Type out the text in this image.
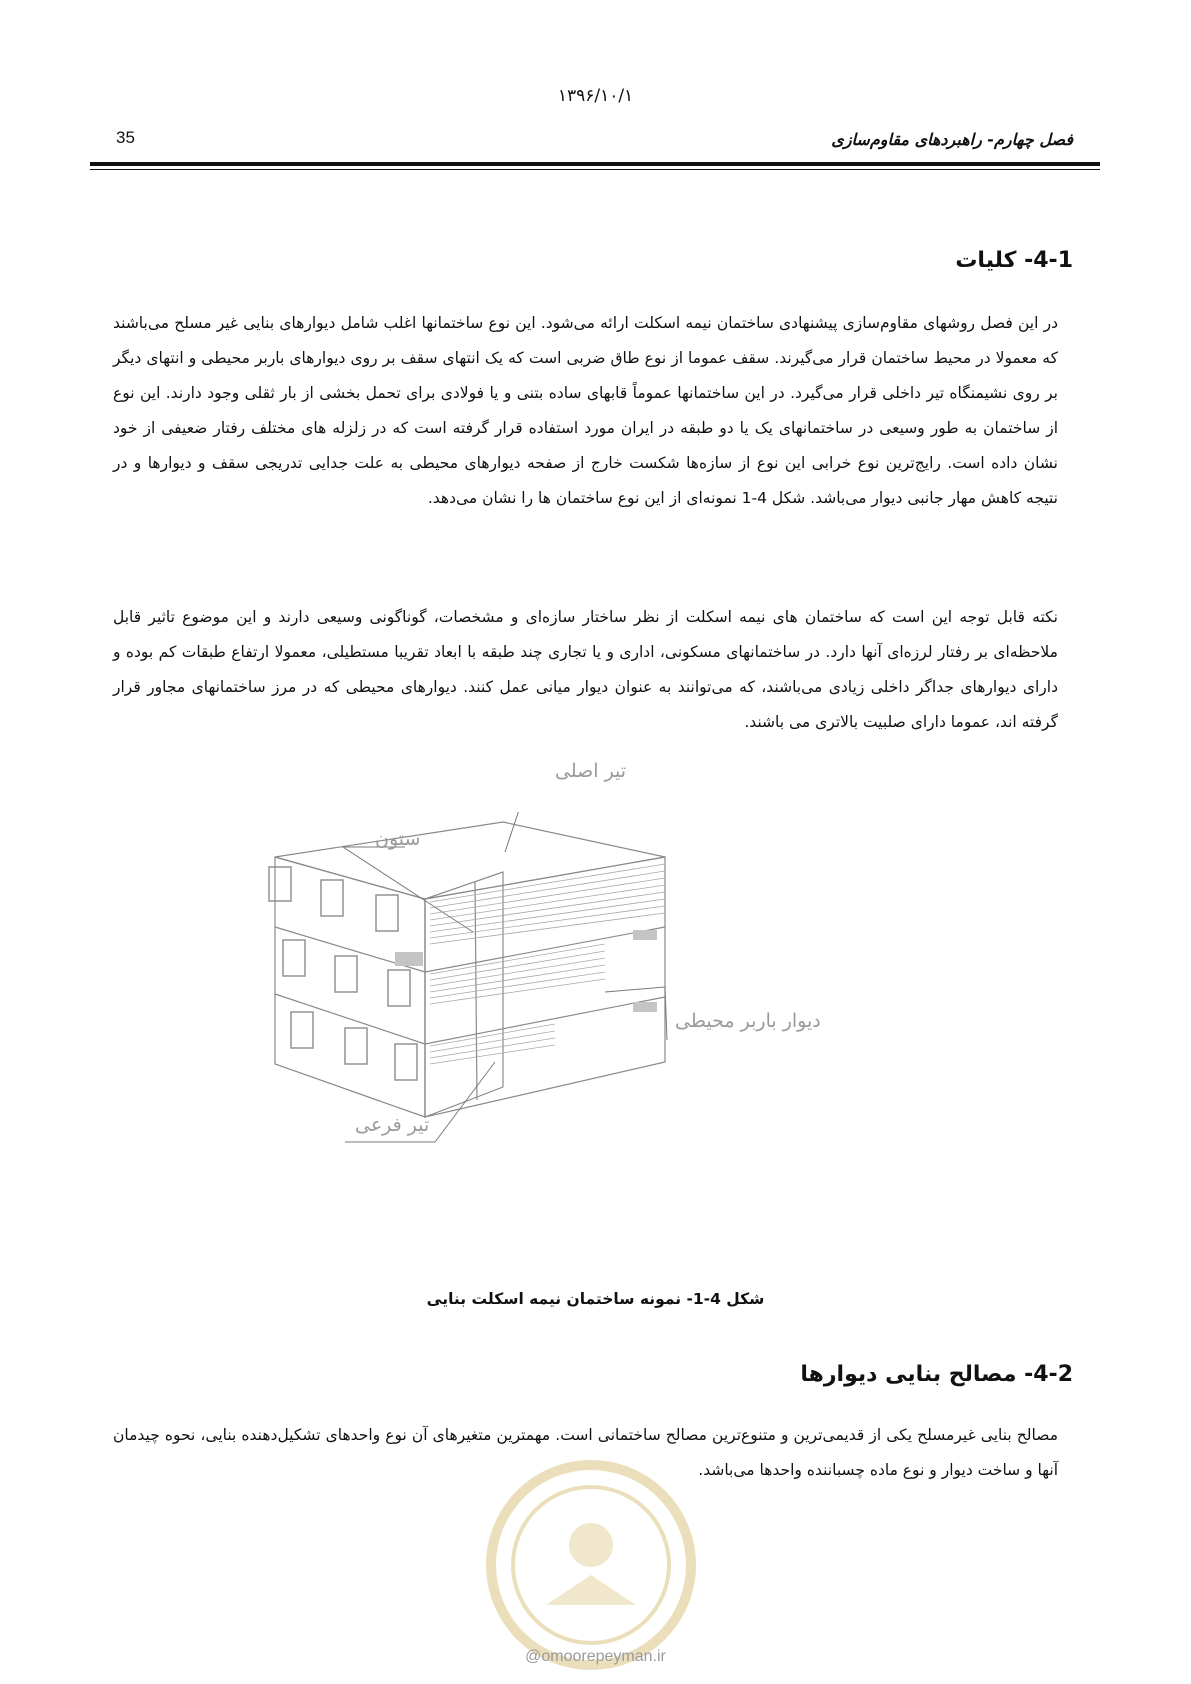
۱۳۹۶/۱۰/۱
35	فصل چهارم- راهبردهای مقاوم‌سازی
4-1- کلیات

در این فصل روشهای مقاوم‌سازی پیشنهادی ساختمان نیمه اسکلت ارائه می‌شود. این نوع ساختمانها اغلب شامل دیوارهای بنایی غیر مسلح می‌باشند که معمولا در محیط ساختمان قرار می‌گیرند. سقف عموما از نوع طاق ضربی است که یک انتهای سقف بر روی دیوارهای باربر محیطی و انتهای دیگر بر روی نشیمنگاه تیر داخلی قرار می‌گیرد. در این ساختمانها عموماً قابهای ساده بتنی و یا فولادی برای تحمل بخشی از بار ثقلی وجود دارند. این نوع از ساختمان به طور وسیعی در ساختمانهای یک یا دو طبقه در ایران مورد استفاده قرار گرفته است که در زلزله های مختلف رفتار ضعیفی از خود نشان داده است. رایج‌ترین نوع خرابی این نوع از سازه‌ها شکست خارج از صفحه دیوارهای محیطی به علت جدایی تدریجی سقف و دیوارها و در نتیجه کاهش مهار جانبی دیوار می‌باشد. شکل 4-1 نمونه‌ای از این نوع ساختمان ها را نشان می‌دهد.

نکته قابل توجه این است که ساختمان های نیمه اسکلت از نظر ساختار سازه‌ای و مشخصات، گوناگونی وسیعی دارند و این موضوع تاثیر قابل ملاحظه‌ای بر رفتار لرزه‌ای آنها دارد. در ساختمانهای مسکونی، اداری و یا تجاری چند طبقه با ابعاد تقریبا مستطیلی، معمولا ارتفاع طبقات کم بوده و دارای دیوارهای جداگر داخلی زیادی می‌باشند، که می‌توانند به عنوان دیوار میانی عمل کنند. دیوارهای محیطی که در مرز ساختمانهای مجاور قرار گرفته اند، عموما دارای صلبیت بالاتری می باشند.

تیر اصلی
ستون
دیوار باربر محیطی
تیر فرعی
شکل 4-1- نمونه ساختمان نیمه اسکلت بنایی
4-2- مصالح بنایی دیوارها

مصالح بنایی غیرمسلح یکی از قدیمی‌ترین و متنوع‌ترین مصالح ساختمانی است. مهمترین متغیرهای آن نوع واحدهای تشکیل‌دهنده بنایی، نحوه چیدمان آنها و ساخت دیوار و نوع ماده چسباننده واحدها می‌باشد.

@omoorepeyman.ir
